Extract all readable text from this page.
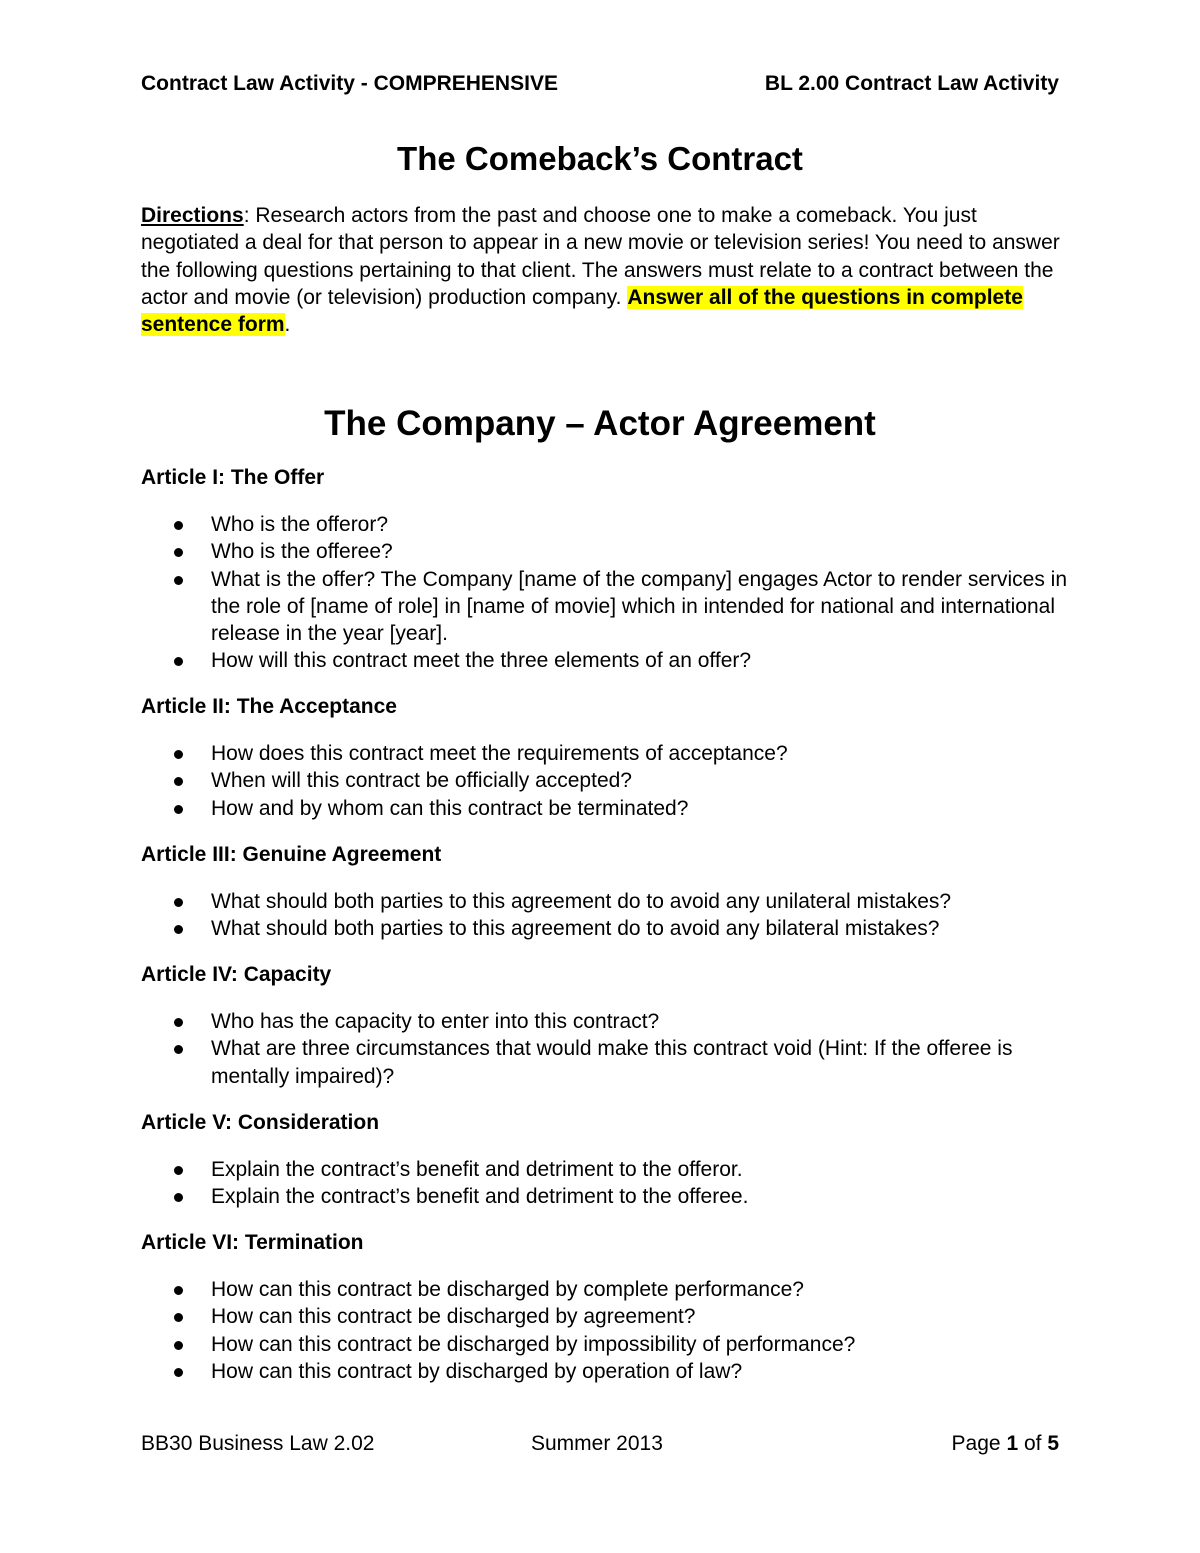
Contract Law Activity - COMPREHENSIVE	BL 2.00 Contract Law Activity
The Comeback’s Contract
Directions: Research actors from the past and choose one to make a comeback. You just negotiated a deal for that person to appear in a new movie or television series! You need to answer the following questions pertaining to that client. The answers must relate to a contract between the actor and movie (or television) production company. Answer all of the questions in complete sentence form.
The Company – Actor Agreement

Article I: The Offer

Who is the offeror?
Who is the offeree?
What is the offer? The Company [name of the company] engages Actor to render services in the role of [name of role] in [name of movie] which in intended for national and international release in the year [year].
How will this contract meet the three elements of an offer?

Article II: The Acceptance

How does this contract meet the requirements of acceptance?
When will this contract be officially accepted?
How and by whom can this contract be terminated?

Article III: Genuine Agreement

What should both parties to this agreement do to avoid any unilateral mistakes?
What should both parties to this agreement do to avoid any bilateral mistakes?

Article IV: Capacity

Who has the capacity to enter into this contract?
What are three circumstances that would make this contract void (Hint: If the offeree is mentally impaired)?

Article V: Consideration

Explain the contract’s benefit and detriment to the offeror.
Explain the contract’s benefit and detriment to the offeree.

Article VI: Termination

How can this contract be discharged by complete performance?
How can this contract be discharged by agreement?
How can this contract be discharged by impossibility of performance?
How can this contract by discharged by operation of law?
BB30 Business Law 2.02	Summer 2013	Page 1 of 5
